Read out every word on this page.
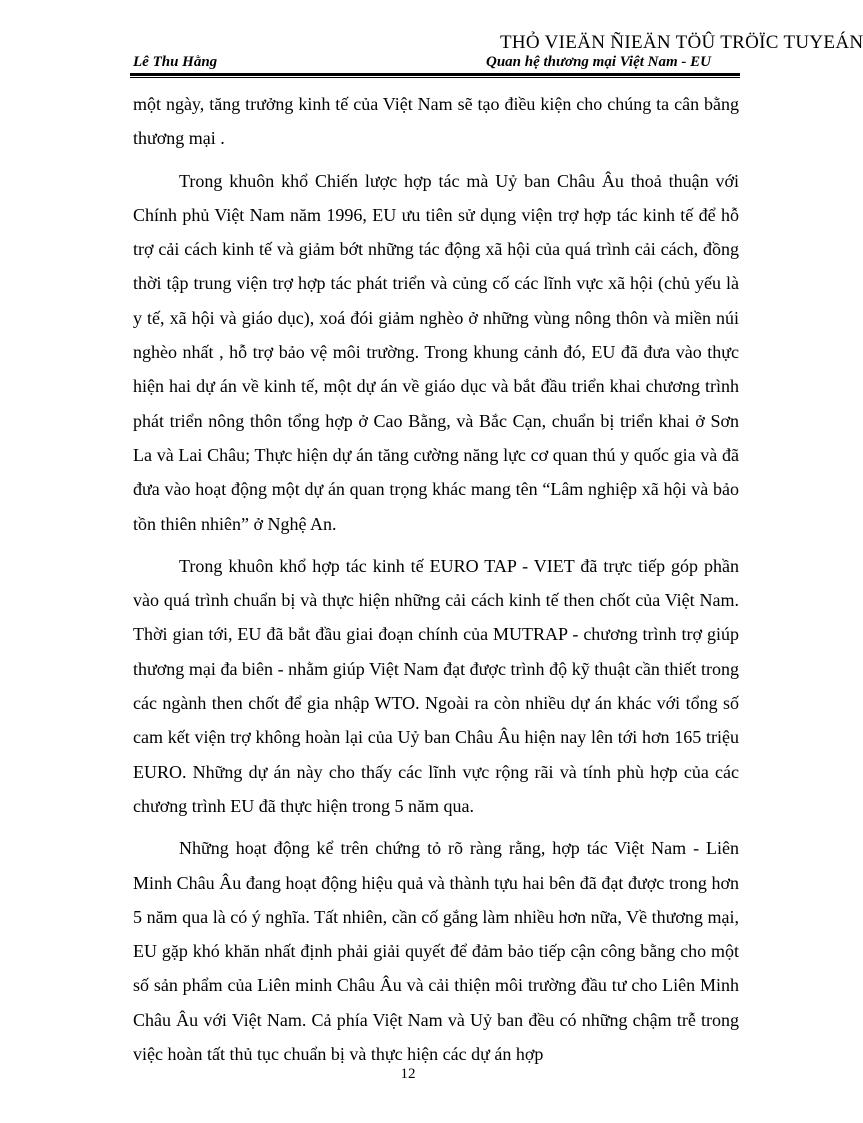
THỎ VIEÄN ÑIEÄN TÖÛ TRÖÏC TUYEÁN
Lê Thu Hằng	Quan hệ thương mại Việt Nam - EU

một ngày, tăng trưởng kinh tế của Việt Nam sẽ tạo điều kiện cho chúng ta cân bằng thương mại .

Trong khuôn khổ Chiến lược hợp tác mà Uỷ ban Châu Âu thoả thuận với Chính phủ Việt Nam năm 1996, EU ưu tiên sử dụng viện trợ hợp tác kinh tế để hỗ trợ cải cách kinh tế và giảm bớt những tác động xã hội của quá trình cải cách, đồng thời tập trung viện trợ hợp tác phát triển và củng cố các lĩnh vực xã hội (chủ yếu là y tế, xã hội và giáo dục), xoá đói giảm nghèo ở những vùng nông thôn và miền núi nghèo nhất , hỗ trợ bảo vệ môi trường. Trong khung cảnh đó, EU đã đưa vào thực hiện hai dự án về kinh tế, một dự án về giáo dục và bắt đầu triển khai chương trình phát triển nông thôn tổng hợp ở Cao Bằng, và Bắc Cạn, chuẩn bị triển khai ở Sơn La và Lai Châu; Thực hiện dự án tăng cường năng lực cơ quan thú y quốc gia và đã đưa vào hoạt động một dự án quan trọng khác mang tên “Lâm nghiệp xã hội và bảo tồn thiên nhiên” ở Nghệ An.

Trong khuôn khổ hợp tác kinh tế EURO TAP - VIET đã trực tiếp góp phần vào quá trình chuẩn bị và thực hiện những cải cách kinh tế then chốt của Việt Nam. Thời gian tới, EU đã bắt đầu giai đoạn chính của MUTRAP - chương trình trợ giúp thương mại đa biên - nhằm giúp Việt Nam đạt được trình độ kỹ thuật cần thiết trong các ngành then chốt để gia nhập WTO. Ngoài ra còn nhiều dự án khác với tổng số cam kết viện trợ không hoàn lại của Uỷ ban Châu Âu hiện nay lên tới hơn 165 triệu EURO. Những dự án này cho thấy các lĩnh vực rộng rãi và tính phù hợp của các chương trình EU đã thực hiện trong 5 năm qua.

Những hoạt động kể trên chứng tỏ rõ ràng rằng, hợp tác Việt Nam - Liên Minh Châu Âu đang hoạt động hiệu quả và thành tựu hai bên đã đạt được trong hơn 5 năm qua là có ý nghĩa. Tất nhiên, cần cố gắng làm nhiều hơn nữa, Về thương mại, EU gặp khó khăn nhất định phải giải quyết để đảm bảo tiếp cận công bằng cho một số sản phẩm của Liên minh Châu Âu và cải thiện môi trường đầu tư cho Liên Minh Châu Âu với Việt Nam. Cả phía Việt Nam và Uỷ ban đều có những chậm trễ trong việc hoàn tất thủ tục chuẩn bị và thực hiện các dự án hợp

12
